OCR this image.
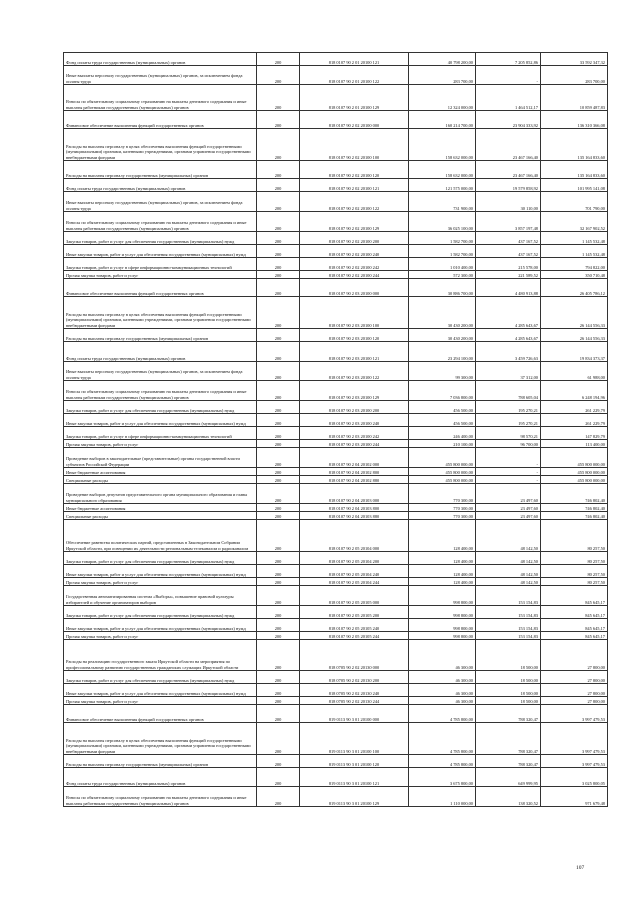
Фонд оплаты труда государственных (муниципальных) органов	200	818 0107 90 2 01 20100 121	40 798 200,00	7 205 852,86	33 592 347,32
Иные выплаты персоналу государственных (муниципальных) органов, за исключением фонда оплаты труда	200	818 0107 90 2 01 20100 122	283 700,00	-	283 700,00
Взносы по обязательному социальному страхованию на выплаты денежного содержания и иные выплаты работникам государственных (муниципальных) органов	200	818 0107 90 2 01 20100 129	12 324 000,00	1 464 512,17	10 859 487,83
Финансовое обеспечение выполнения функций государственных органов	200	818 0107 90 2 02 20100 000	160 214 700,00	23 904 333,92	136 310 366,08
Расходы на выплаты персоналу в целях обеспечения выполнения функций государственными (муниципальными) органами, казенными учреждениями, органами управления государственными внебюджетными фондами	200	818 0107 90 2 02 20100 100	158 632 000,00	23 467 166,40	135 164 833,60
Расходы на выплаты персоналу государственных (муниципальных) органов	200	818 0107 90 2 02 20100 120	158 632 000,00	23 467 166,40	135 164 833,60
Фонд оплаты труда государственных (муниципальных) органов	200	818 0107 90 2 02 20100 121	121 575 000,00	19 579 858,92	101 995 141,08
Иные выплаты персоналу государственных (муниципальных) органов, за исключением фонда оплаты труда	200	818 0107 90 2 02 20100 122	731 900,00	30 110,00	701 790,00
Взносы по обязательному социальному страхованию на выплаты денежного содержания и иные выплаты работникам государственных (муниципальных) органов	200	818 0107 90 2 02 20100 129	36 025 100,00	3 857 197,48	32 167 902,52
Закупка товаров, работ и услуг для обеспечения государственных (муниципальных) нужд	200	818 0107 90 2 02 20100 200	1 582 700,00	437 167,52	1 145 532,48
Иные закупки товаров, работ и услуг для обеспечения государственных (муниципальных) нужд	200	818 0107 90 2 02 20100 240	1 582 700,00	437 167,52	1 145 532,48
Закупка товаров, работ и услуг в сфере информационно-коммуникационных технологий	200	818 0107 90 2 02 20100 242	1 010 400,00	215 578,00	794 822,00
Прочая закупка товаров, работ и услуг	200	818 0107 90 2 02 20100 244	572 300,00	221 589,52	350 710,48
Финансовое обеспечение выполнения функций государственных органов	200	818 0107 90 2 03 20100 000	30 886 700,00	4 480 913,88	26 405 786,12
Расходы на выплаты персоналу в целях обеспечения выполнения функций государственными (муниципальными) органами, казенными учреждениями, органами управления государственными внебюджетными фондами	200	818 0107 90 2 03 20100 100	30 430 200,00	4 285 643,67	26 144 556,33
Расходы на выплаты персоналу государственных (муниципальных) органов	200	818 0107 90 2 03 20100 120	30 430 200,00	4 285 643,67	26 144 556,33
Фонд оплаты труда государственных (муниципальных) органов	200	818 0107 90 2 03 20100 121	23 294 100,00	3 459 726,63	19 834 373,37
Иные выплаты персоналу государственных (муниципальных) органов, за исключением фонда оплаты труда	200	818 0107 90 2 03 20100 122	99 300,00	37 312,00	61 988,00
Взносы по обязательному социальному страхованию на выплаты денежного содержания и иные выплаты работникам государственных (муниципальных) органов	200	818 0107 90 2 03 20100 129	7 036 800,00	788 605,04	6 248 194,96
Закупка товаров, работ и услуг для обеспечения государственных (муниципальных) нужд	200	818 0107 90 2 03 20100 200	456 500,00	195 270,21	261 229,79
Иные закупки товаров, работ и услуг для обеспечения государственных (муниципальных) нужд	200	818 0107 90 2 03 20100 240	456 500,00	195 270,21	261 229,79
Закупка товаров, работ и услуг в сфере информационно-коммуникационных технологий	200	818 0107 90 2 03 20100 242	246 400,00	98 570,21	147 829,79
Прочая закупка товаров, работ и услуг	200	818 0107 90 2 03 20100 244	210 100,00	96 700,00	113 400,00
Проведение выборов в законодательные (представительные) органы государственной власти субъектов Российской Федерации	200	818 0107 90 2 04 20102 000	455 800 000,00	-	455 800 000,00
Иные бюджетные ассигнования	200	818 0107 90 2 04 20102 800	455 800 000,00	-	455 800 000,00
Специальные расходы	200	818 0107 90 2 04 20102 880	455 800 000,00	-	455 800 000,00
Проведение выборов депутатов представительного органа муниципального образования и главы муниципального образования	200	818 0107 90 2 04 20103 000	770 300,00	23 497,60	746 802,40
Иные бюджетные ассигнования	200	818 0107 90 2 04 20103 800	770 300,00	23 497,60	746 802,40
Специальные расходы	200	818 0107 90 2 04 20103 880	770 300,00	23 497,60	746 802,40
Обеспечение равенства политических партий, представленных в Законодательном Собрании Иркутской области, при освещении их деятельности региональным телеканалом и радиоканалом	200	818 0107 90 2 05 20104 000	128 400,00	48 142,50	80 257,50
Закупка товаров, работ и услуг для обеспечения государственных (муниципальных) нужд	200	818 0107 90 2 05 20104 200	128 400,00	48 142,50	80 257,50
Иные закупки товаров, работ и услуг для обеспечения государственных (муниципальных) нужд	200	818 0107 90 2 05 20104 240	128 400,00	48 142,50	80 257,50
Прочая закупка товаров, работ и услуг	200	818 0107 90 2 05 20104 244	128 400,00	48 142,50	80 257,50
Государственная автоматизированная система «Выборы», повышение правовой культуры избирателей и обучение организаторов выборов	200	818 0107 90 2 05 20105 000	998 800,00	153 154,83	845 645,17
Закупка товаров, работ и услуг для обеспечения государственных (муниципальных) нужд	200	818 0107 90 2 05 20105 200	998 800,00	153 154,83	845 645,17
Иные закупки товаров, работ и услуг для обеспечения государственных (муниципальных) нужд	200	818 0107 90 2 05 20105 240	998 800,00	153 154,83	845 645,17
Прочая закупка товаров, работ и услуг	200	818 0107 90 2 05 20105 244	998 800,00	153 154,83	845 645,17
Расходы на реализацию государственного заказа Иркутской области на мероприятия по профессиональному развитию государственных гражданских служащих Иркутской области	200	818 0705 90 2 02 20130 000	46 300,00	18 500,00	27 800,00
Закупка товаров, работ и услуг для обеспечения государственных (муниципальных) нужд	200	818 0705 90 2 02 20130 200	46 300,00	18 500,00	27 800,00
Иные закупки товаров, работ и услуг для обеспечения государственных (муниципальных) нужд	200	818 0705 90 2 02 20130 240	46 300,00	18 500,00	27 800,00
Прочая закупка товаров, работ и услуг	200	818 0705 90 2 02 20130 244	46 300,00	18 500,00	27 800,00
Финансовое обеспечение выполнения функций государственных органов	200	819 0113 90 3 01 20100 000	4 785 800,00	788 320,47	3 997 479,53
Расходы на выплаты персоналу в целях обеспечения выполнения функций государственными (муниципальными) органами, казенными учреждениями, органами управления государственными внебюджетными фондами	200	819 0113 90 3 01 20100 100	4 785 800,00	788 320,47	3 997 479,53
Расходы на выплаты персоналу государственных (муниципальных) органов	200	819 0113 90 3 01 20100 120	4 785 800,00	788 320,47	3 997 479,53
Фонд оплаты труда государственных (муниципальных) органов	200	819 0113 90 3 01 20100 121	3 675 800,00	649 999,95	3 025 800,05
Взносы по обязательному социальному страхованию на выплаты денежного содержания и иные выплаты работникам государственных (муниципальных) органов	200	819 0113 90 3 01 20100 129	1 110 000,00	138 320,52	971 679,48
107
